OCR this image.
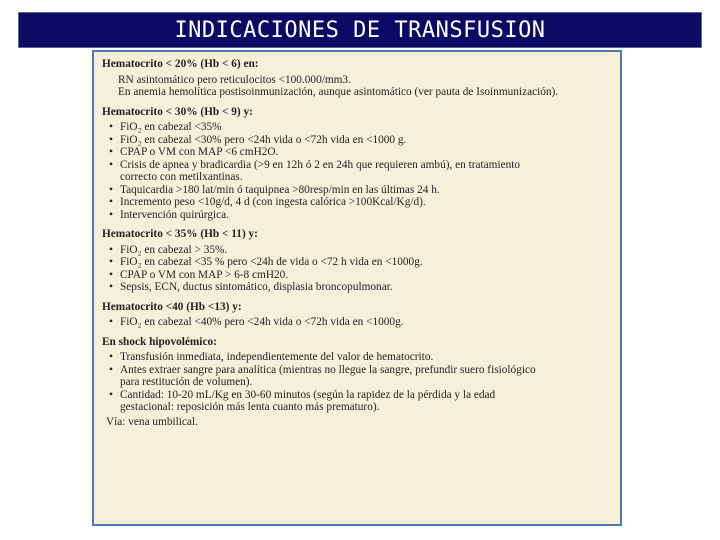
INDICACIONES DE TRANSFUSION
Hematocrito < 20% (Hb < 6) en:
RN asintomático pero reticulocitos <100.000/mm3.
En anemia hemolítica postisoinmunización, aunque asintomático (ver pauta de Isoinmunización).
Hematocrito < 30% (Hb < 9) y:
• FiO₂ en cabezal <35%
• FiO₂ en cabezal <30% pero <24h vida o <72h vida en <1000 g.
• CPAP o VM con MAP <6 cmH2O.
• Crisis de apnea y bradicardia (>9 en 12h ó 2 en 24h que requieren ambú), en tratamiento
correcto con metilxantinas.
• Taquicardia >180 lat/min ó taquipnea >80resp/min en las últimas 24 h.
• Incremento peso <10g/d, 4 d (con ingesta calórica >100Kcal/Kg/d).
• Intervención quirúrgica.
Hematocrito < 35% (Hb < 11) y:
• FiO₂ en cabezal > 35%.
• FiO₂ en cabezal <35 % pero <24h de vida o <72 h vida en <1000g.
• CPAP o VM con MAP > 6-8 cmH20.
• Sepsis, ECN, ductus sintomático, displasia broncopulmonar.
Hematocrito <40 (Hb <13) y:
• FiO₂ en cabezal <40% pero <24h vida o <72h vida en <1000g.
En shock hipovolémico:
• Transfusión inmediata, independientemente del valor de hematocrito.
• Antes extraer sangre para analítica (mientras no llegue la sangre, prefundir suero fisiológico
para restitución de volumen).
• Cantidad: 10-20 mL/Kg en 30-60 minutos (según la rapidez de la pérdida y la edad
gestacional: reposición más lenta cuanto más prematuro).
Vía: vena umbilical.
